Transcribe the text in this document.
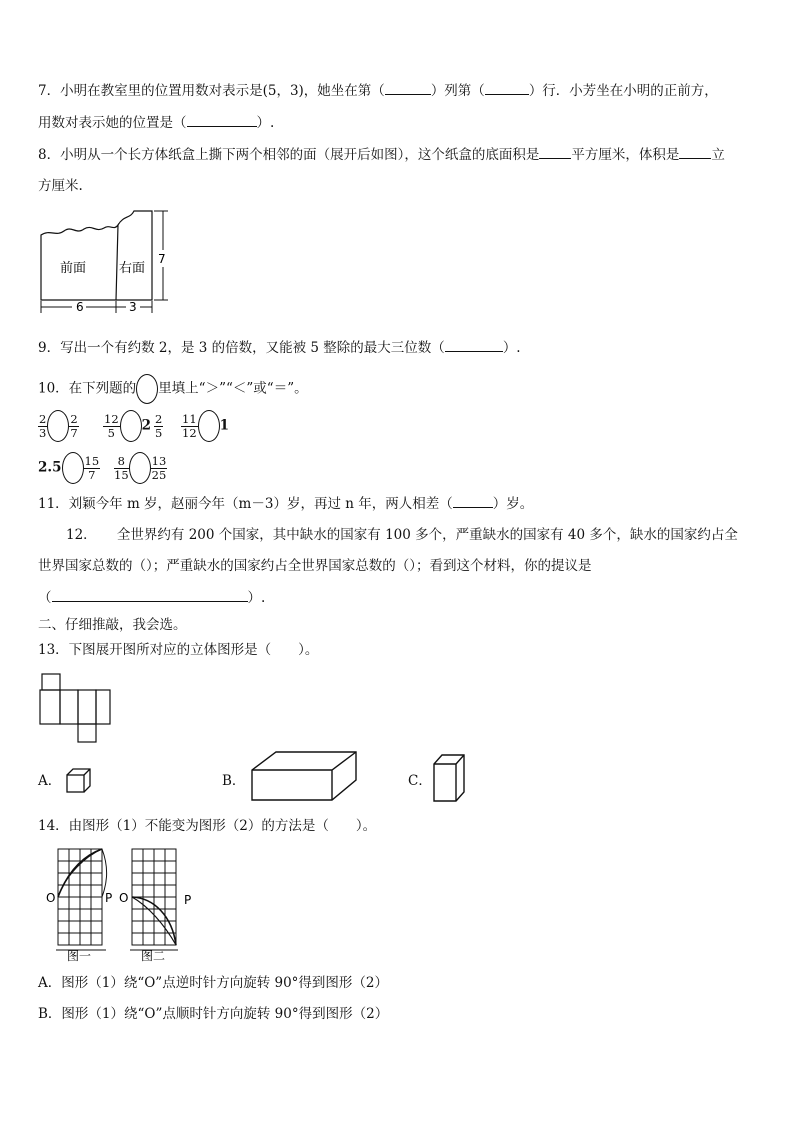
7．小明在教室里的位置用数对表示是(5，3)，她坐在第（	）列第（	）行．小芳坐在小明的正前方，
用数对表示她的位置是（	）.
8．小明从一个长方体纸盒上撕下两个相邻的面（展开后如图），这个纸盒的底面积是 平方厘米，体积是 立
方厘米.
前面	右面
6	3
7
9．写出一个有约数 2，是 3 的倍数，又能被 5 整除的最大三位数（	）.
10．在下列题的 里填上“＞”“＜”或“＝”。
$\frac{2}{3} \frac{2}{7} \frac{12}{5} 2 \frac{2}{5} \frac{11}{12} 1$
$2.5 \frac{15}{7} \frac{8}{15} \frac{13}{25}$
11．刘颖今年 m 岁，赵丽今年（m－3）岁，再过 n 年，两人相差（	）岁。
12．　　全世界约有 200 个国家，其中缺水的国家有 100 多个，严重缺水的国家有 40 多个，缺水的国家约占全
世界国家总数的（）；严重缺水的国家约占全世界国家总数的（）；看到这个材料，你的提议是
（	）.
二、仔细推敲，我会选。
13．下图展开图所对应的立体图形是（　　）。
A．	B．	C．
14．由图形（1）不能变为图形（2）的方法是（　　）。
O	P O	P
图一	图二
A．图形（1）绕“O”点逆时针方向旋转 90°得到图形（2）
B．图形（1）绕“O”点顺时针方向旋转 90°得到图形（2）
